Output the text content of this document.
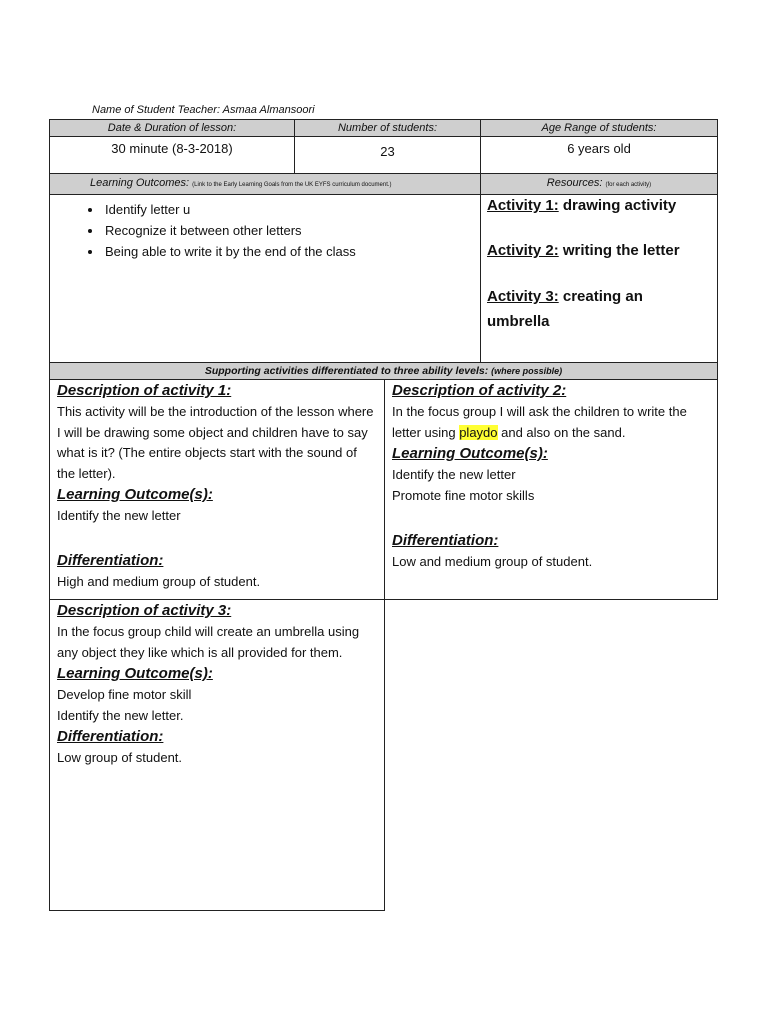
Name of Student Teacher: Asmaa Almansoori
Date & Duration of lesson:	Number of students:	Age Range of students:
30 minute (8-3-2018)	23	6 years old
Learning Outcomes: (Link to the Early Learning Goals from the UK EYFS curriculum document.)	Resources: (for each activity)
• Identify letter u
• Recognize it between other letters
• Being able to write it by the end of the class
Activity 1: drawing activity
Activity 2: writing the letter
Activity 3: creating an umbrella
Supporting activities differentiated to three ability levels: (where possible)

Description of activity 1:

This activity will be the introduction of the lesson where I will be drawing some object and children have to say what is it? (The entire objects start with the sound of the letter).

Learning Outcome(s):

Identify the new letter

Differentiation:

High and medium group of student.

Description of activity 2:

In the focus group I will ask the children to write the letter using playdo and also on the sand.

Learning Outcome(s):

Identify the new letter

Promote fine motor skills

Differentiation:

Low and medium group of student.

Description of activity 3:

In the focus group child will create an umbrella using any object they like which is all provided for them.

Learning Outcome(s):

Develop fine motor skill

Identify the new letter.

Differentiation:

Low group of student.
